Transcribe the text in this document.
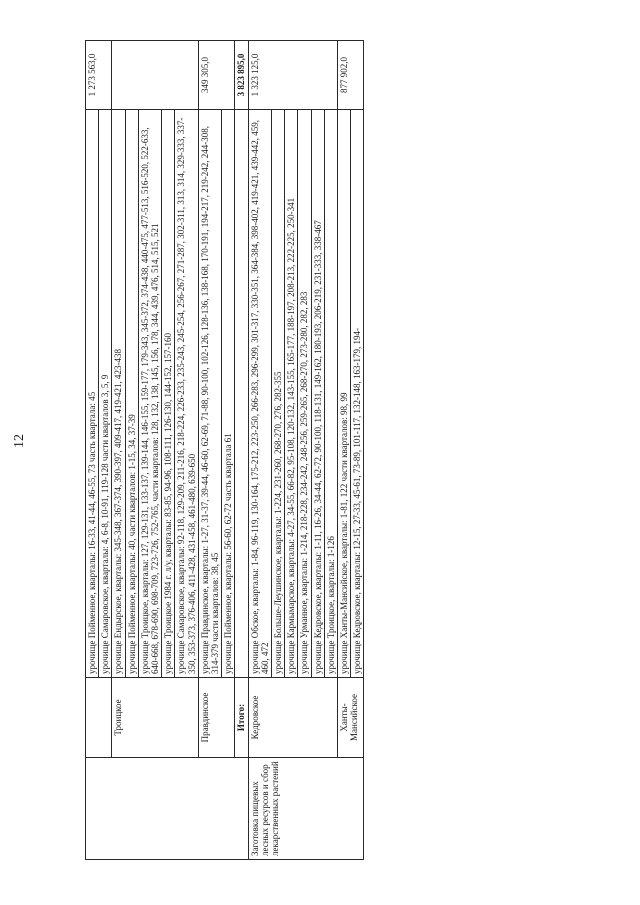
12
			урочище Пойменное, кварталы: 16-33, 41-44, 46-55, 73 часть квартала: 45	1 273 563,0
		урочище Самаровское, кварталы: 4, 6-8, 10-91, 119-128 части кварталов 3, 5, 9	
	Троицкое	урочище Ендырское, кварталы: 345-348, 367-374, 390-397, 409-417, 419-421, 423-438	
		урочище Пойменное, кварталы: 40, части кварталов: 1-15, 34, 37-39	
		урочище Троицкое, кварталы: 127, 129-131, 133-137, 139-144, 146-155, 159-177, 179-343, 345-372, 374-438, 440-475, 477-513, 516-520, 522-633, 640-668, 678-690, 698-709, 723-726, 752-765, части кварталов: 128, 132, 138, 145, 156, 178, 344, 439, 476, 514, 515, 521	
		урочище Троицкое 1984 г. л/у, кварталы: 83-85, 94-96, 108-111, 126-130, 144-152, 157-160	
		урочище Самаровское, кварталы: 92-118, 129-209, 211-216, 218-224, 226-233, 235-243, 245-254, 256-267, 271-287, 302-311, 313, 314, 329-333, 337-350, 353-373, 376-406, 411-428, 431-458, 461-480, 639-650	
	Правдинское	урочище Правдинское, кварталы: 1-27, 31-37, 39-44, 46-60, 62-69, 71-88, 90-100, 102-126, 128-136, 138-168, 170-191, 194-217, 219-242, 244-308, 314-379 части кварталов: 38, 45	349 305,0
		урочище Пойменное, кварталы: 56-60, 62-72 часть квартала 61	
	Итого:		3 823 895,0
Заготовка пищевых лесных ресурсов и сбор лекарственных растений	Кедровское	урочище Обское, кварталы: 1-84, 96-119, 130-164, 175-212, 223-250, 266-283, 296-299, 301-317, 330-351, 364-384, 398-402, 419-421, 439-442, 459, 460, 472	1 323 125,0
		урочище Больше-Леушинское, кварталы: 1-224, 231-260, 268-270, 276, 282-355	
		урочище Кармымарское, кварталы: 4-27, 34-55, 66-82, 95-108, 120-132, 143-155, 165-177, 188-197, 208-213, 222-225, 250-341	
		урочище Урманное, кварталы: 1-214, 218-228, 234-242, 248-256, 259-265, 268-270, 273-280, 282, 283	
		урочище Кедровское, кварталы: 1-11, 16-26, 34-44, 62-72, 90-100, 118-131, 149-162, 180-193, 206-219, 231-333, 338-467	
		урочище Троицкое, кварталы: 1-126	
	Ханты-Мансийское	урочище Ханты-Мансийское, кварталы: 1-81, 122 части кварталов: 98, 99	877 902,0
		урочище Кедровское, кварталы: 12-15, 27-33, 45-61, 73-89, 101-117, 132-148, 163-179, 194-	
